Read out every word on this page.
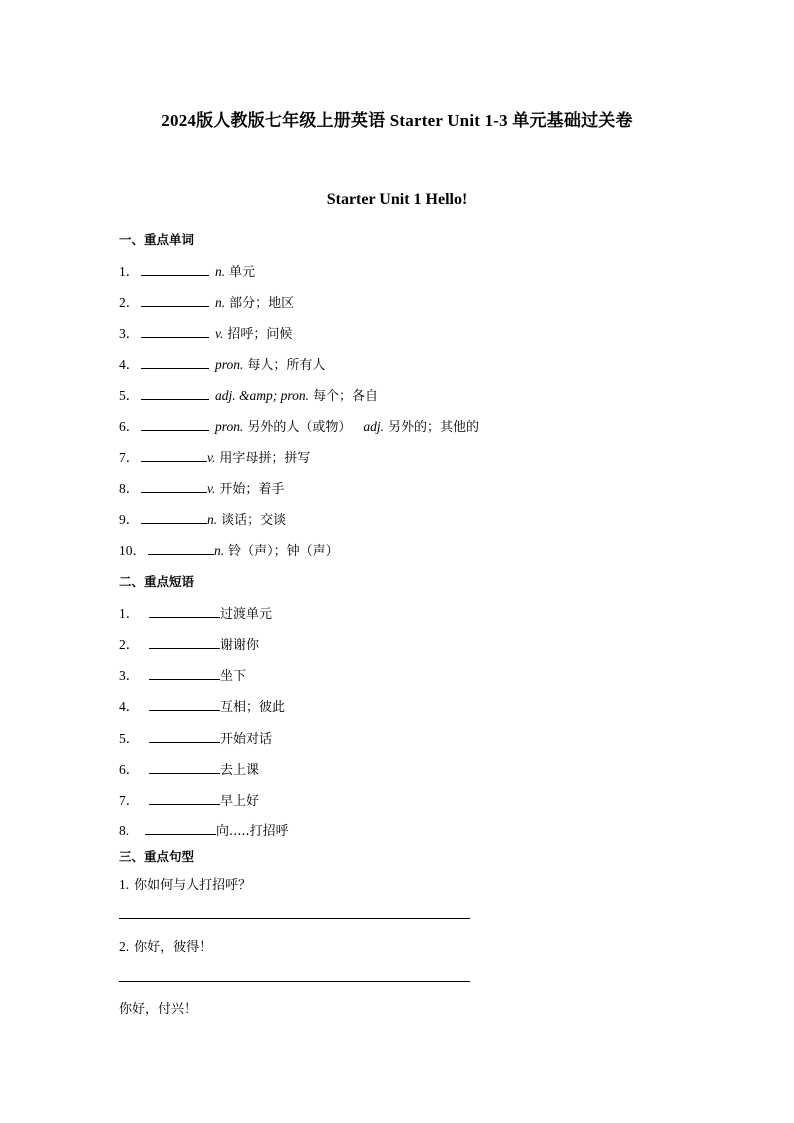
2024版人教版七年级上册英语 Starter Unit 1-3 单元基础过关卷
Starter Unit 1 Hello!
一、重点单词
1．	n. 单元
2．	n. 部分；地区
3．	v. 招呼；问候
4．	pron. 每人；所有人
5．	adj. &amp; pron. 每个；各自
6．	pron. 另外的人（或物） adj. 另外的；其他的
7．	v. 用字母拼；拼写
8．	v. 开始；着手
9．	n. 谈话；交谈
10．	n. 铃（声）；钟（声）
二、重点短语
1．	过渡单元
2．	谢谢你
3．	坐下
4．	互相；彼此
5．	开始对话
6．	去上课
7．	早上好
8.	向.....打招呼
三、重点句型
1. 你如何与人打招呼？
2. 你好，彼得！
你好，付兴！
